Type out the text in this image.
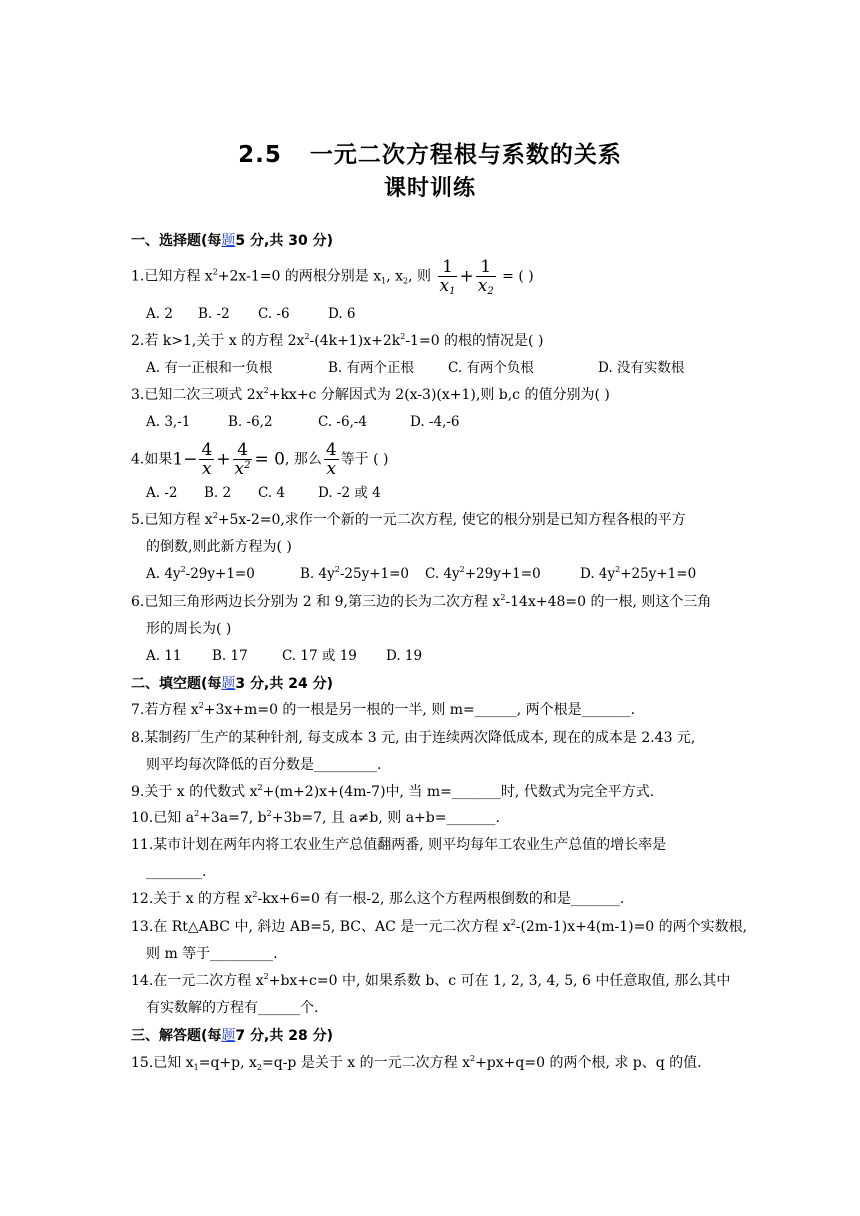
2.5 一元二次方程根与系数的关系
课时训练
一、选择题(每题5 分,共 30 分)
1.已知方程 $x^2+2x-1=0$ 的两根分别是 $x_1$, $x_2$, 则 $\frac{1}{x_1} + \frac{1}{x_2}$ = ( )
A. 2 B. -2 C. -6	D. 6
2.若 k>1,关于 x 的方程 $2x^2-(4k+1)x+2k^2-1=0$ 的根的情况是( )
A. 有一正根和一负根	B. 有两个正根	C. 有两个负根	D. 没有实数根
3.已知二次三项式 $2x^2+kx+c$ 分解因式为 2(x-3)(x+1),则 b,c 的值分别为( )
A. 3,-1	B. -6,2	C. -6,-4	D. -4,-6
4.如果$1- \frac{4}{x} + \frac{4}{x^2} = 0$, 那么 $\frac{4}{x}$ 等于 ( )
A. -2 B. 2 C. 4 D. -2 或 4
5.已知方程 $x^2+5x-2=0$,求作一个新的一元二次方程, 使它的根分别是已知方程各根的平方
的倒数,则此新方程为( )
A. $4y^2-29y+1=0$	B. $4y^2-25y+1=0$ C. $4y^2+29y+1=0$	D. $4y^2+25y+1=0$
6.已知三角形两边长分别为 2 和 9,第三边的长为二次方程 $x^2-14x+48=0$ 的一根, 则这个三角
形的周长为( )
A. 11 B. 17	C. 17 或 19 D. 19
二、填空题(每题3 分,共 24 分)
7.若方程 $x^2+3x+m=0$ 的一根是另一根的一半, 则 m=______, 两个根是_______.
8.某制药厂生产的某种针剂, 每支成本 3 元, 由于连续两次降低成本, 现在的成本是 2.43 元,
则平均每次降低的百分数是_________.
9.关于 x 的代数式 $x^2+(m+2)x+(4m-7)$中, 当 m=_______时, 代数式为完全平方式.
10.已知 $a^2+3a=7$, $b^2+3b=7$, 且 a≠b, 则 a+b=_______.
11.某市计划在两年内将工农业生产总值翻两番, 则平均每年工农业生产总值的增长率是
________.
12.关于 x 的方程 $x^2-kx+6=0$ 有一根-2, 那么这个方程两根倒数的和是_______.
13.在 Rt△ABC 中, 斜边 AB=5, BC、AC 是一元二次方程 $x^2-(2m-1)x+4(m-1)=0$ 的两个实数根,
则 m 等于_________.
14.在一元二次方程 $x^2+bx+c=0$ 中, 如果系数 b、c 可在 1, 2, 3, 4, 5, 6 中任意取值, 那么其中
有实数解的方程有______个.
三、解答题(每题7 分,共 28 分)
15.已知 $x_1=q+p$, $x_2=q-p$ 是关于 x 的一元二次方程 $x^2+px+q=0$ 的两个根, 求 p、q 的值.
